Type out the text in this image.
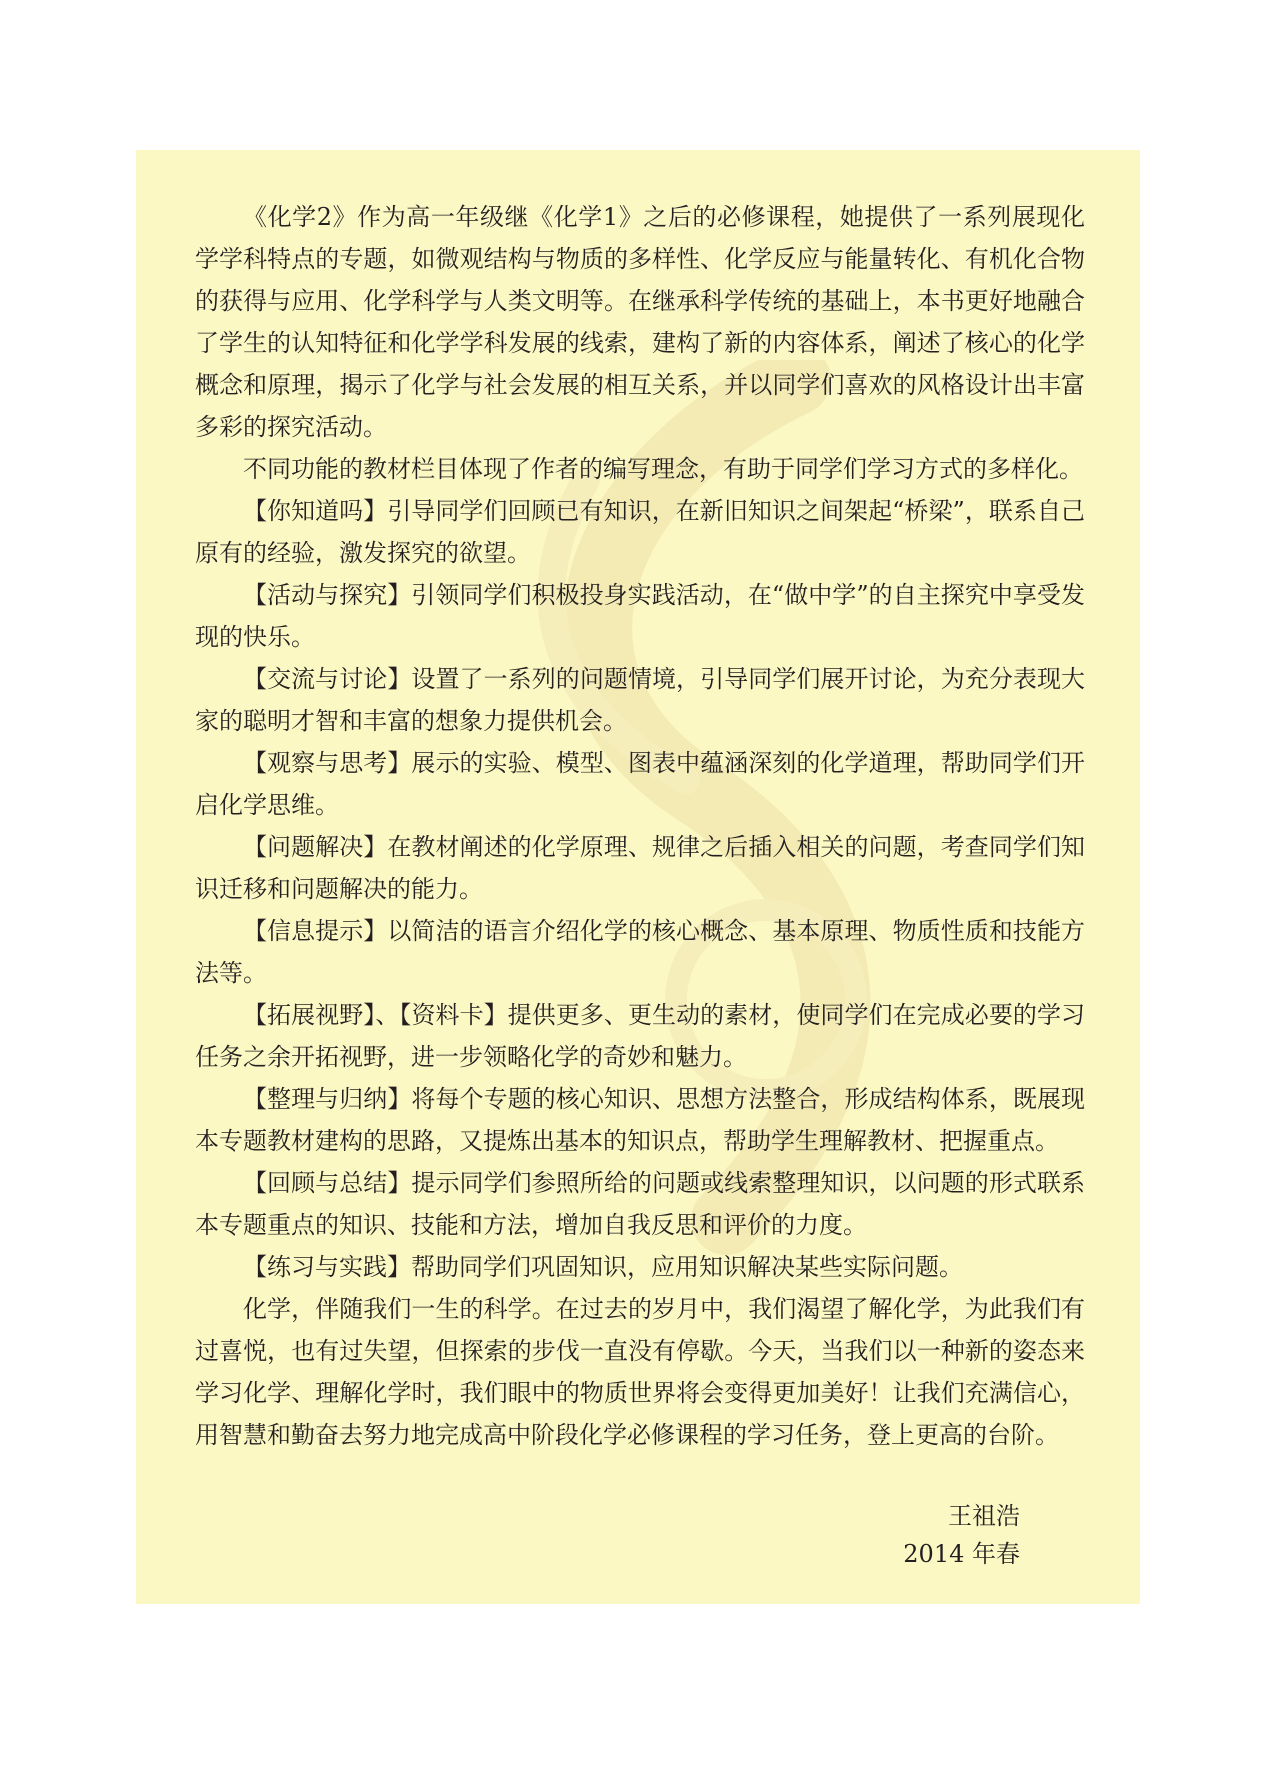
《化学2》作为高一年级继《化学1》之后的必修课程，她提供了一系列展现化学学科特点的专题，如微观结构与物质的多样性、化学反应与能量转化、有机化合物的获得与应用、化学科学与人类文明等。在继承科学传统的基础上，本书更好地融合了学生的认知特征和化学学科发展的线索，建构了新的内容体系，阐述了核心的化学概念和原理，揭示了化学与社会发展的相互关系，并以同学们喜欢的风格设计出丰富多彩的探究活动。

不同功能的教材栏目体现了作者的编写理念，有助于同学们学习方式的多样化。

【你知道吗】引导同学们回顾已有知识，在新旧知识之间架起“桥梁”，联系自己原有的经验，激发探究的欲望。

【活动与探究】引领同学们积极投身实践活动，在“做中学”的自主探究中享受发现的快乐。

【交流与讨论】设置了一系列的问题情境，引导同学们展开讨论，为充分表现大家的聪明才智和丰富的想象力提供机会。

【观察与思考】展示的实验、模型、图表中蕴涵深刻的化学道理，帮助同学们开启化学思维。

【问题解决】在教材阐述的化学原理、规律之后插入相关的问题，考查同学们知识迁移和问题解决的能力。

【信息提示】以简洁的语言介绍化学的核心概念、基本原理、物质性质和技能方法等。

【拓展视野】、【资料卡】提供更多、更生动的素材，使同学们在完成必要的学习任务之余开拓视野，进一步领略化学的奇妙和魅力。

【整理与归纳】将每个专题的核心知识、思想方法整合，形成结构体系，既展现本专题教材建构的思路，又提炼出基本的知识点，帮助学生理解教材、把握重点。

【回顾与总结】提示同学们参照所给的问题或线索整理知识，以问题的形式联系本专题重点的知识、技能和方法，增加自我反思和评价的力度。

【练习与实践】帮助同学们巩固知识，应用知识解决某些实际问题。

化学，伴随我们一生的科学。在过去的岁月中，我们渴望了解化学，为此我们有过喜悦，也有过失望，但探索的步伐一直没有停歇。今天，当我们以一种新的姿态来学习化学、理解化学时，我们眼中的物质世界将会变得更加美好！让我们充满信心，用智慧和勤奋去努力地完成高中阶段化学必修课程的学习任务，登上更高的台阶。

王祖浩
2014 年春
